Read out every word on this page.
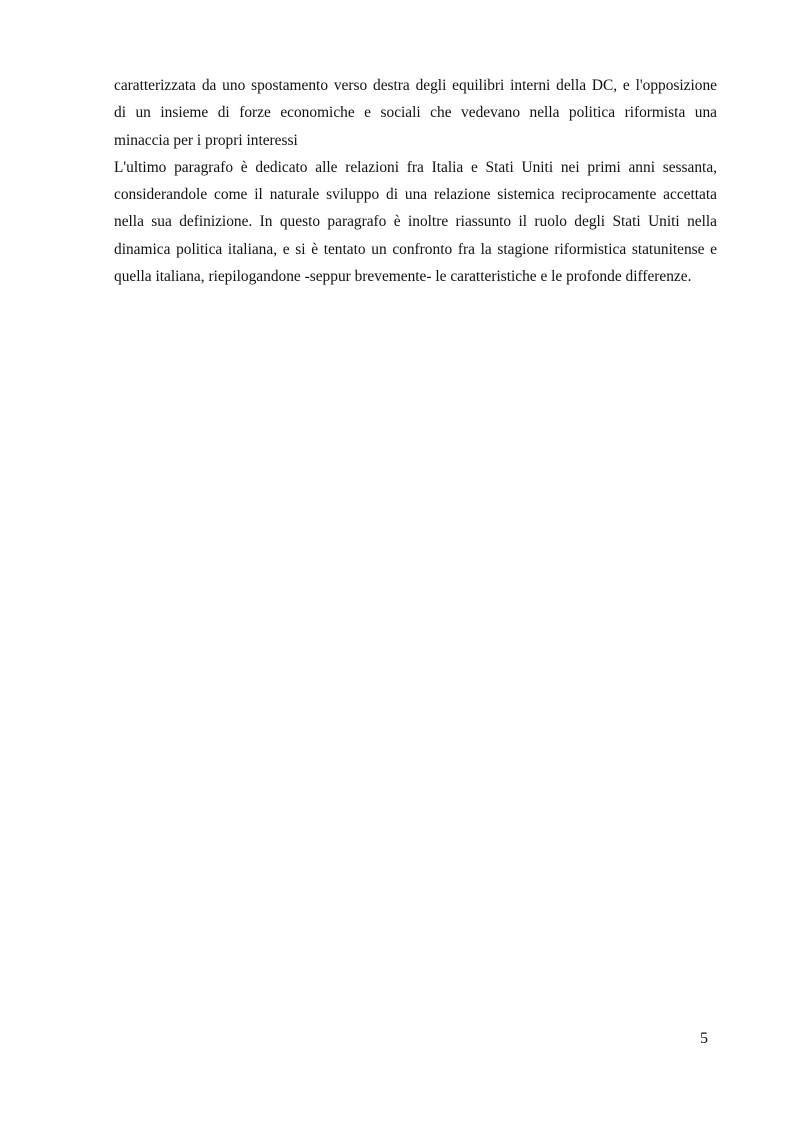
caratterizzata da uno spostamento verso destra degli equilibri interni della DC, e l'opposizione
di un insieme di forze economiche e sociali che vedevano nella politica riformista una
minaccia per i propri interessi
L'ultimo paragrafo è dedicato alle relazioni fra Italia e Stati Uniti nei primi anni sessanta,
considerandole come il naturale sviluppo di una relazione sistemica reciprocamente accettata
nella sua definizione. In questo paragrafo è inoltre riassunto il ruolo degli Stati Uniti nella
dinamica politica italiana, e si è tentato un confronto fra la stagione riformistica statunitense e
quella italiana, riepilogandone -seppur brevemente- le caratteristiche e le profonde differenze.
5
